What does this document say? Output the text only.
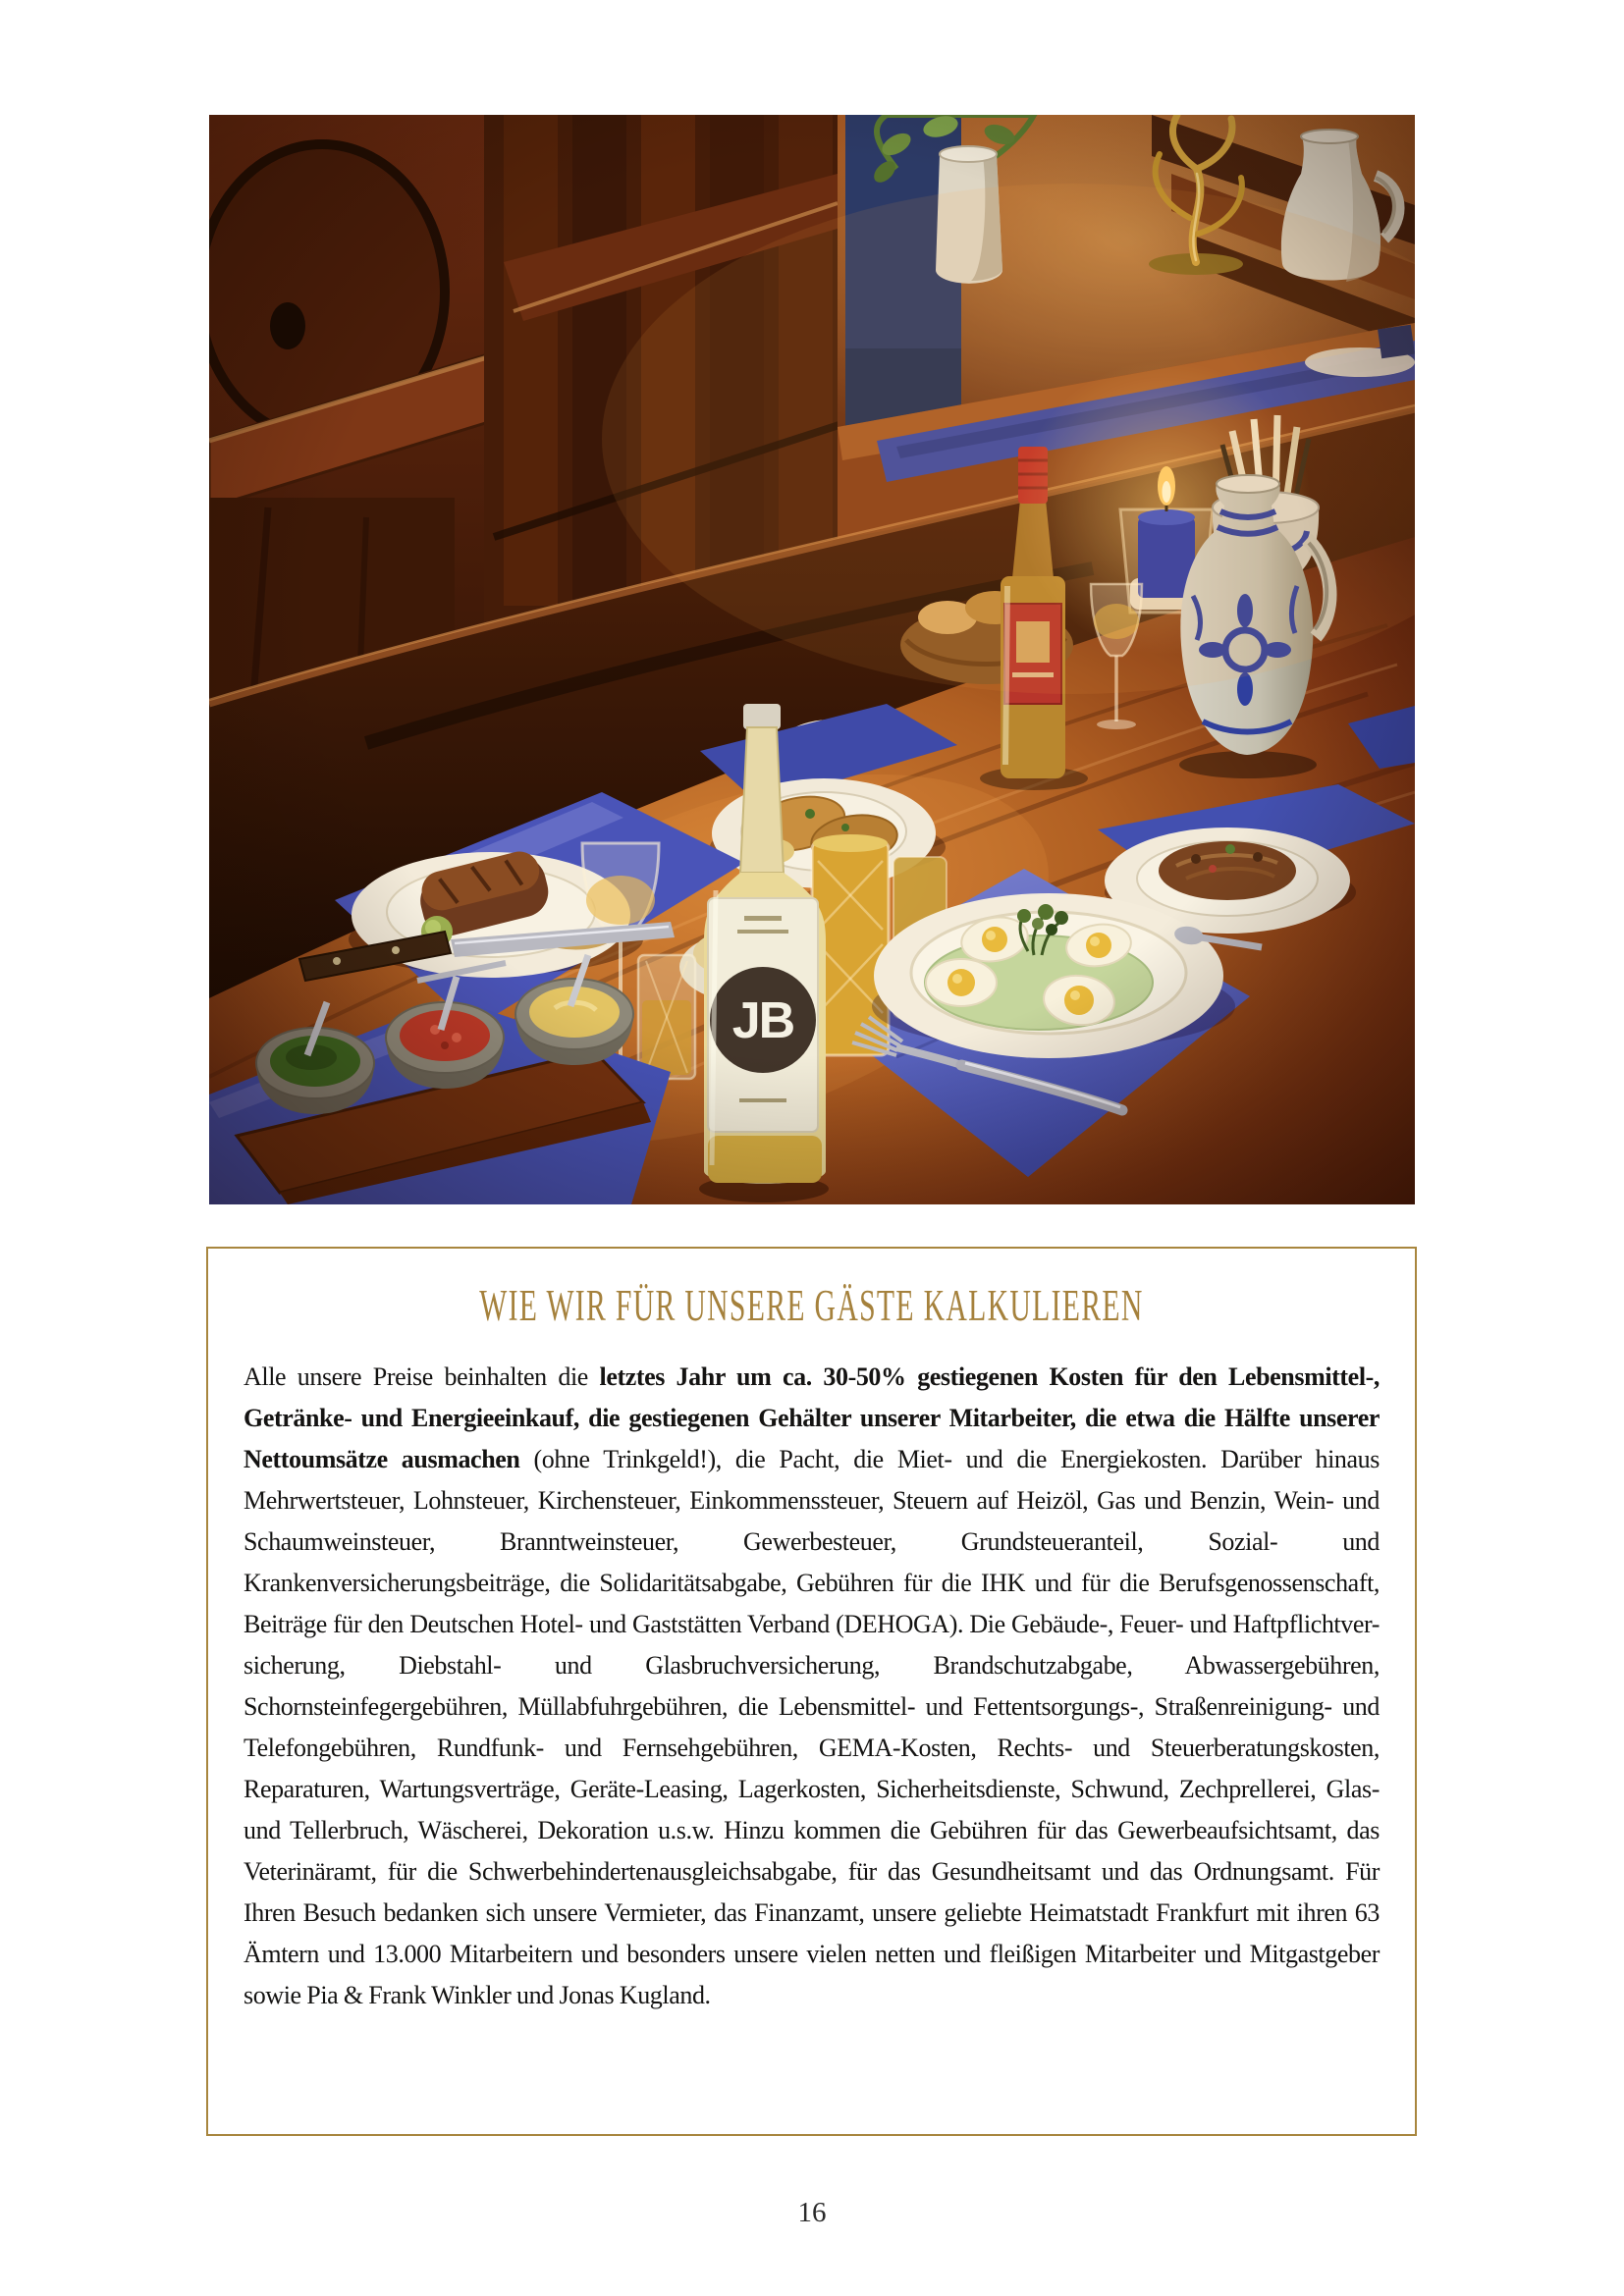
WIE WIR FÜR UNSERE GÄSTE KALKULIEREN

Alle unsere Preise beinhalten die letztes Jahr um ca. 30-50% gestiegenen Kosten für den Lebensmittel-, Getränke- und Energieeinkauf, die gestiegenen Gehälter unserer Mitarbeiter, die etwa die Hälfte unserer Nettoumsätze ausmachen (ohne Trinkgeld!), die Pacht, die Miet- und die Energiekosten. Darüber hinaus Mehrwertsteuer, Lohnsteuer, Kirchensteuer, Einkommenssteuer, Steuern auf Heizöl, Gas und Benzin, Wein- und Schaumweinsteuer, Branntweinsteuer, Gewerbesteuer, Grundsteueranteil, Sozial- und Krankenversicherungsbeiträge, die Solidaritätsabgabe, Gebühren für die IHK und für die Berufsgenossenschaft, Beiträge für den Deutschen Hotel- und Gaststätten Verband (DEHOGA). Die Gebäude-, Feuer- und Haftpflichtver- sicherung, Diebstahl- und Glasbruchversicherung, Brandschutzabgabe, Abwassergebühren, Schornsteinfegergebühren, Müllabfuhrgebühren, die Lebensmittel- und Fettentsorgungs-, Straßenreinigung- und Telefongebühren, Rundfunk- und Fernsehgebühren, GEMA-Kosten, Rechts- und Steuerberatungskosten, Reparaturen, Wartungsverträge, Geräte-Leasing, Lagerkosten, Sicherheitsdienste, Schwund, Zechprellerei, Glas- und Tellerbruch, Wäscherei, Dekoration u.s.w. Hinzu kommen die Gebühren für das Gewerbeaufsichtsamt, das Veterinäramt, für die Schwerbehindertenausgleichsabgabe, für das Gesundheitsamt und das Ordnungsamt. Für Ihren Besuch bedanken sich unsere Vermieter, das Finanzamt, unsere geliebte Heimatstadt Frankfurt mit ihren 63 Ämtern und 13.000 Mitarbeitern und besonders unsere vielen netten und fleißigen Mitarbeiter und Mitgastgeber sowie Pia & Frank Winkler und Jonas Kugland.

16
